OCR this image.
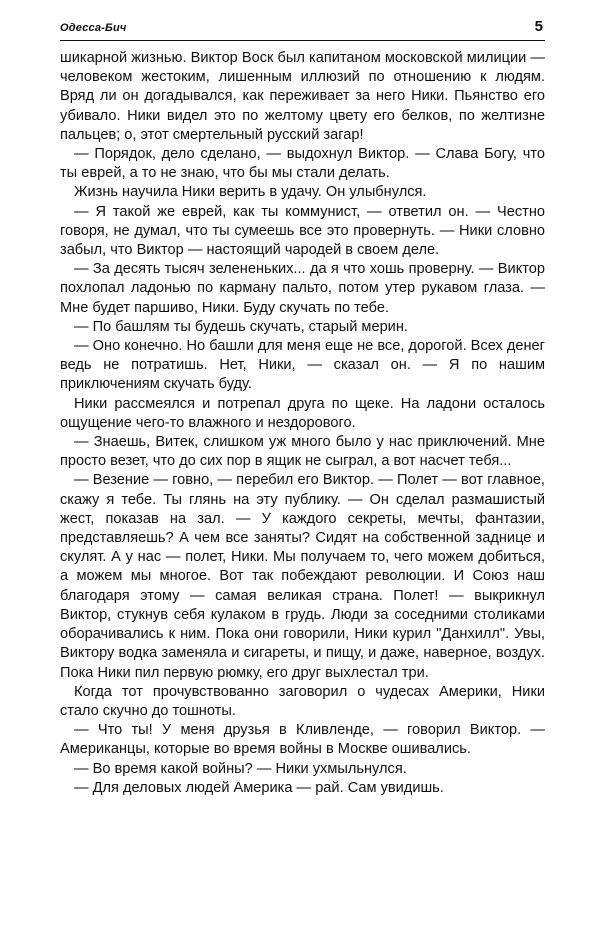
Одесса-Бич	5

шикарной жизнью. Виктор Воск был капитаном московской милиции — человеком жестоким, лишенным иллюзий по отношению к людям. Вряд ли он догадывался, как переживает за него Ники. Пьянство его убивало. Ники видел это по желтому цвету его белков, по желтизне пальцев; о, этот смертельный русский загар!

— Порядок, дело сделано, — выдохнул Виктор. — Слава Богу, что ты еврей, а то не знаю, что бы мы стали делать.

Жизнь научила Ники верить в удачу. Он улыбнулся.

— Я такой же еврей, как ты коммунист, — ответил он. — Честно говоря, не думал, что ты сумеешь все это провернуть. — Ники словно забыл, что Виктор — настоящий чародей в своем деле.

— За десять тысяч зелененьких... да я что хошь проверну. — Виктор похлопал ладонью по карману пальто, потом утер рукавом глаза. — Мне будет паршиво, Ники. Буду скучать по тебе.

— По башлям ты будешь скучать, старый мерин.

— Оно конечно. Но башли для меня еще не все, дорогой. Всех денег ведь не потратишь. Нет, Ники, — сказал он. — Я по нашим приключениям скучать буду.

Ники рассмеялся и потрепал друга по щеке. На ладони осталось ощущение чего-то влажного и нездорового.

— Знаешь, Витек, слишком уж много было у нас приключений. Мне просто везет, что до сих пор в ящик не сыграл, а вот насчет тебя...

— Везение — говно, — перебил его Виктор. — Полет — вот главное, скажу я тебе. Ты глянь на эту публику. — Он сделал размашистый жест, показав на зал. — У каждого секреты, мечты, фантазии, представляешь? А чем все заняты? Сидят на собственной заднице и скулят. А у нас — полет, Ники. Мы получаем то, чего можем добиться, а можем мы многое. Вот так побеждают революции. И Союз наш благодаря этому — самая великая страна. Полет! — выкрикнул Виктор, стукнув себя кулаком в грудь. Люди за соседними столиками оборачивались к ним. Пока они говорили, Ники курил "Данхилл". Увы, Виктору водка заменяла и сигареты, и пищу, и даже, наверное, воздух. Пока Ники пил первую рюмку, его друг выхлестал три.

Когда тот прочувствованно заговорил о чудесах Америки, Ники стало скучно до тошноты.

— Что ты! У меня друзья в Кливленде, — говорил Виктор. — Американцы, которые во время войны в Москве ошивались.

— Во время какой войны? — Ники ухмыльнулся.

— Для деловых людей Америка — рай. Сам увидишь.
